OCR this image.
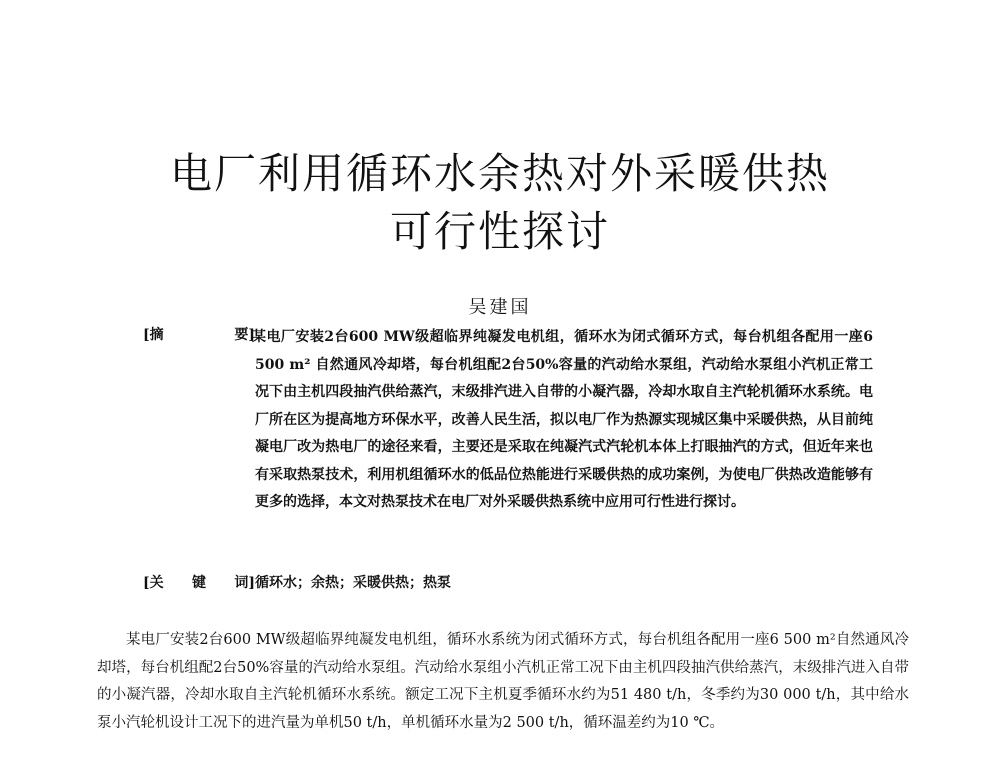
电厂利用循环水余热对外采暖供热
可行性探讨
吴建国
[摘	要]
某电厂安装2台600 MW级超临界纯凝发电机组，循环水为闭式循环方式，每台机组各配用一座6 500 m² 自然通风冷却塔，每台机组配2台50%容量的汽动给水泵组，汽动给水泵组小汽机正常工况下由主机四段抽汽供给蒸汽，末级排汽进入自带的小凝汽器，冷却水取自主汽轮机循环水系统。电厂所在区为提高地方环保水平，改善人民生活，拟以电厂作为热源实现城区集中采暖供热，从目前纯凝电厂改为热电厂的途径来看，主要还是采取在纯凝汽式汽轮机本体上打眼抽汽的方式，但近年来也有采取热泵技术，利用机组循环水的低品位热能进行采暖供热的成功案例，为使电厂供热改造能够有更多的选择，本文对热泵技术在电厂对外采暖供热系统中应用可行性进行探讨。
[关 键 词] 循环水；余热；采暖供热；热泵
某电厂安装2台600 MW级超临界纯凝发电机组，循环水系统为闭式循环方式，每台机组各配用一座6 500 m²自然通风冷却塔，每台机组配2台50%容量的汽动给水泵组。汽动给水泵组小汽机正常工况下由主机四段抽汽供给蒸汽，末级排汽进入自带的小凝汽器，冷却水取自主汽轮机循环水系统。额定工况下主机夏季循环水约为51 480 t/h，冬季约为30 000 t/h，其中给水泵小汽轮机设计工况下的进汽量为单机50 t/h，单机循环水量为2 500 t/h，循环温差约为10 ℃。
